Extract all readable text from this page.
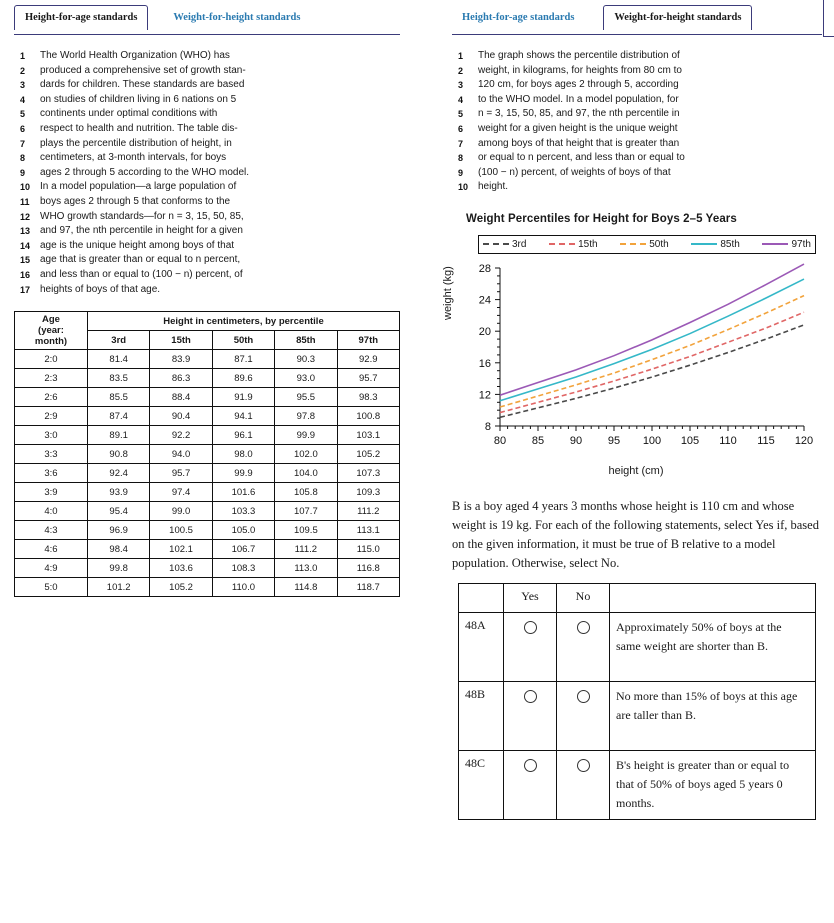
Height-for-age standards	Weight-for-height standards
1	The World Health Organization (WHO) has
2	produced a comprehensive set of growth stan-
3	dards for children. These standards are based
4	on studies of children living in 6 nations on 5
5	continents under optimal conditions with
6	respect to health and nutrition. The table dis-
7	plays the percentile distribution of height, in
8	centimeters, at 3-month intervals, for boys
9	ages 2 through 5 according to the WHO model.
10 In a model population—a large population of
11	boys ages 2 through 5 that conforms to the
12 WHO growth standards—for n = 3, 15, 50, 85,
13 and 97, the nth percentile in height for a given
14 age is the unique height among boys of that
15 age that is greater than or equal to n percent,
16 and less than or equal to (100 − n) percent, of
17 heights of boys of that age.
Age
(year:
month)	Height in centimeters, by percentile				
	3rd	15th	50th	85th	97th
2:0	81.4	83.9	87.1	90.3	92.9
2:3	83.5	86.3	89.6	93.0	95.7
2:6	85.5	88.4	91.9	95.5	98.3
2:9	87.4	90.4	94.1	97.8	100.8
3:0	89.1	92.2	96.1	99.9	103.1
3:3	90.8	94.0	98.0	102.0	105.2
3:6	92.4	95.7	99.9	104.0	107.3
3:9	93.9	97.4	101.6	105.8	109.3
4:0	95.4	99.0	103.3	107.7	111.2
4:3	96.9	100.5	105.0	109.5	113.1
4:6	98.4	102.1	106.7	111.2	115.0
4:9	99.8	103.6	108.3	113.0	116.8
5:0	101.2	105.2	110.0	114.8	118.7
Height-for-age standards	Weight-for-height standards
1	The graph shows the percentile distribution of
2	weight, in kilograms, for heights from 80 cm to
3	120 cm, for boys ages 2 through 5, according
4	to the WHO model. In a model population, for
5	n = 3, 15, 50, 85, and 97, the nth percentile in
6	weight for a given height is the unique weight
7	among boys of that height that is greater than
8	or equal to n percent, and less than or equal to
9	(100 − n) percent, of weights of boys of that
10 height.
Weight Percentiles for Height for Boys 2–5 Years
3rd	15th	50th	85th	97th
weight (kg)
80 85 90 95 100 105 110 115 120
8
12
16
20
24
28
height (cm)
B is a boy aged 4 years 3 months whose height is 110 cm and whose weight is 19 kg. For each of the following statements, select Yes if, based on the given information, it must be true of B relative to a model population. Otherwise, select No.
	Yes	No	
48A			Approximately 50% of boys at the same weight are shorter than B.
48B			No more than 15% of boys at this age are taller than B.
48C			B's height is greater than or equal to that of 50% of boys aged 5 years 0 months.
